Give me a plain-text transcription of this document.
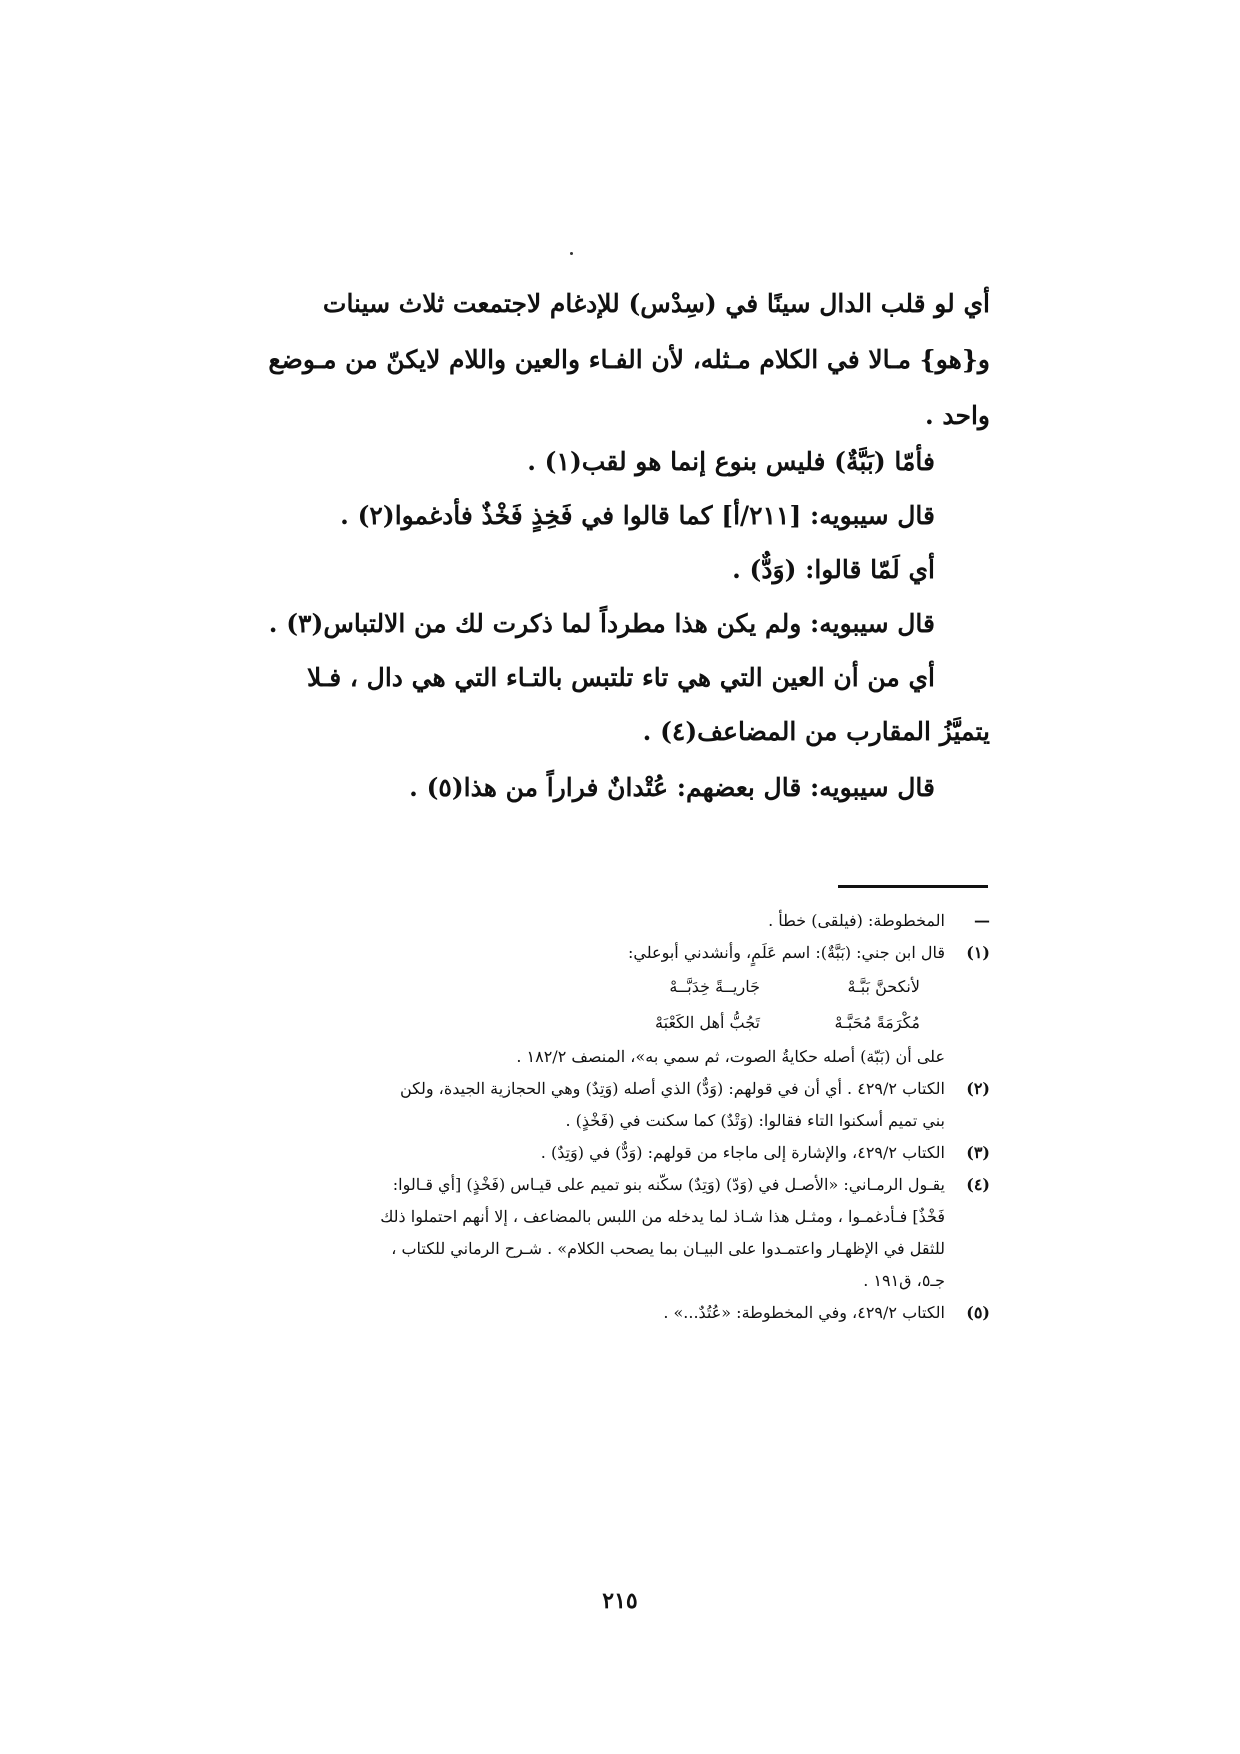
أي لو قلب الدال سينًا في (سِدْس) للإدغام لاجتمعت ثلاث سينات

و{هو} مـالا في الكلام مـثله، لأن الفـاء والعين واللام لايكنّ من مـوضع

واحد .

فأمّا (بَبَّةٌ) فليس بنوع إنما هو لقب(١) .

قال سيبويه: [٢١١/أ] كما قالوا في فَخِذٍ فَخْذٌ فأدغموا(٢) .

أي لَمّا قالوا: (وَدٌّ) .

قال سيبويه: ولم يكن هذا مطرداً لما ذكرت لك من الالتباس(٣) .

أي من أن العين التي هي تاء تلتبس بالتـاء التي هي دال ، فـلا

يتميَّزُ المقارب من المضاعف(٤) .

قال سيبويه: قال بعضهم: عُتْدانٌ فراراً من هذا(٥) .

—
المخطوطة: (فيلقى) خطأ .
(١)
قال ابن جني: (بَبَّةٌ): اسم عَلَمٍ، وأنشدني أبوعلي:
لأنكحنَّ بَبَّـهْ
جَاريــةً خِدَبَّــهْ
مُكْرَمَةً مُحَبَّـهْ
تَجُبُّ أهل الكَعْبَهْ
على أن (بَبّة) أصله حكايةُ الصوت، ثم سمي به»، المنصف ١٨٢/٢ .
(٢)
الكتاب ٤٢٩/٢ . أي أن في قولهم: (وَدٌّ) الذي أصله (وَتِدٌ) وهي الحجازية الجيدة، ولكن
بني تميم أسكنوا التاء فقالوا: (وَتْدٌ) كما سكنت في (فَخْذٍ) .
(٣)
الكتاب ٤٢٩/٢، والإشارة إلى ماجاء من قولهم: (وَدٌّ) في (وَتِدٌ) .
(٤)
يقـول الرمـاني: «الأصـل في (وَدّ) (وَتِدٌ) سكّنه بنو تميم على قيـاس (فَخْذٍ) [أي قـالوا:
فَخْذٌ] فـأدغمـوا ، ومثـل هذا شـاذ لما يدخله من اللبس بالمضاعف ، إلا أنهم احتملوا ذلك
للثقل في الإظهـار واعتمـدوا على البيـان بما يصحب الكلام» . شـرح الرماني للكتاب ،
جـ٥، ق١٩١ .
(٥)
الكتاب ٤٢٩/٢، وفي المخطوطة: «عُتُدٌ...» .
٢١٥
